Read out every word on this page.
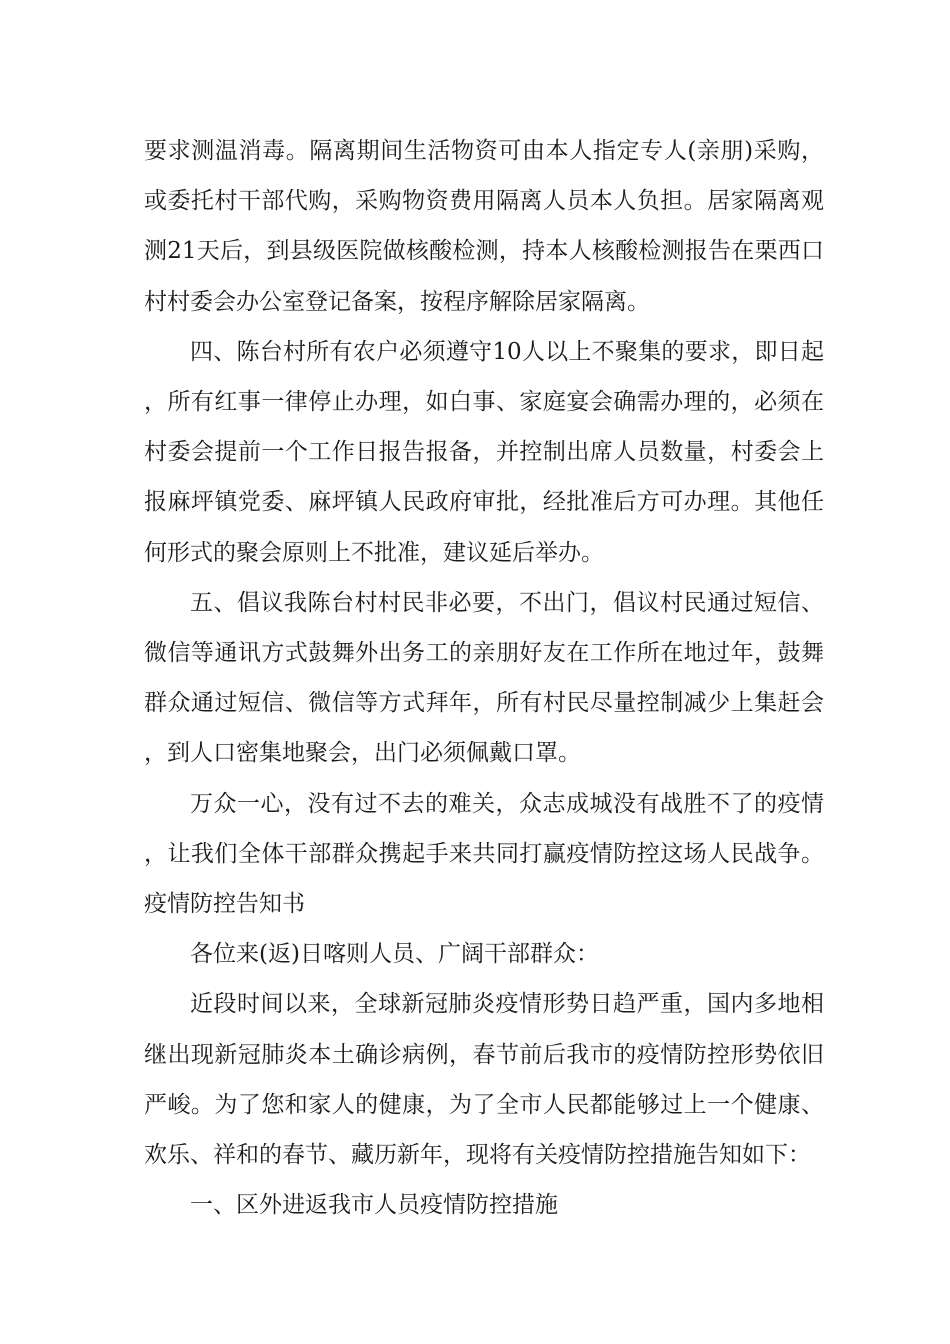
要求测温消毒。隔离期间生活物资可由本人指定专人(亲朋)采购，或委托村干部代购，采购物资费用隔离人员本人负担。居家隔离观测21天后，到县级医院做核酸检测，持本人核酸检测报告在栗西口村村委会办公室登记备案，按程序解除居家隔离。

四、陈台村所有农户必须遵守10人以上不聚集的要求，即日起，所有红事一律停止办理，如白事、家庭宴会确需办理的，必须在村委会提前一个工作日报告报备，并控制出席人员数量，村委会上报麻坪镇党委、麻坪镇人民政府审批，经批准后方可办理。其他任何形式的聚会原则上不批准，建议延后举办。

五、倡议我陈台村村民非必要，不出门，倡议村民通过短信、微信等通讯方式鼓舞外出务工的亲朋好友在工作所在地过年，鼓舞群众通过短信、微信等方式拜年，所有村民尽量控制减少上集赶会，到人口密集地聚会，出门必须佩戴口罩。

万众一心，没有过不去的难关，众志成城没有战胜不了的疫情，让我们全体干部群众携起手来共同打赢疫情防控这场人民战争。疫情防控告知书

各位来(返)日喀则人员、广阔干部群众：

近段时间以来，全球新冠肺炎疫情形势日趋严重，国内多地相继出现新冠肺炎本土确诊病例，春节前后我市的疫情防控形势依旧严峻。为了您和家人的健康，为了全市人民都能够过上一个健康、欢乐、祥和的春节、藏历新年，现将有关疫情防控措施告知如下：

一、区外进返我市人员疫情防控措施
